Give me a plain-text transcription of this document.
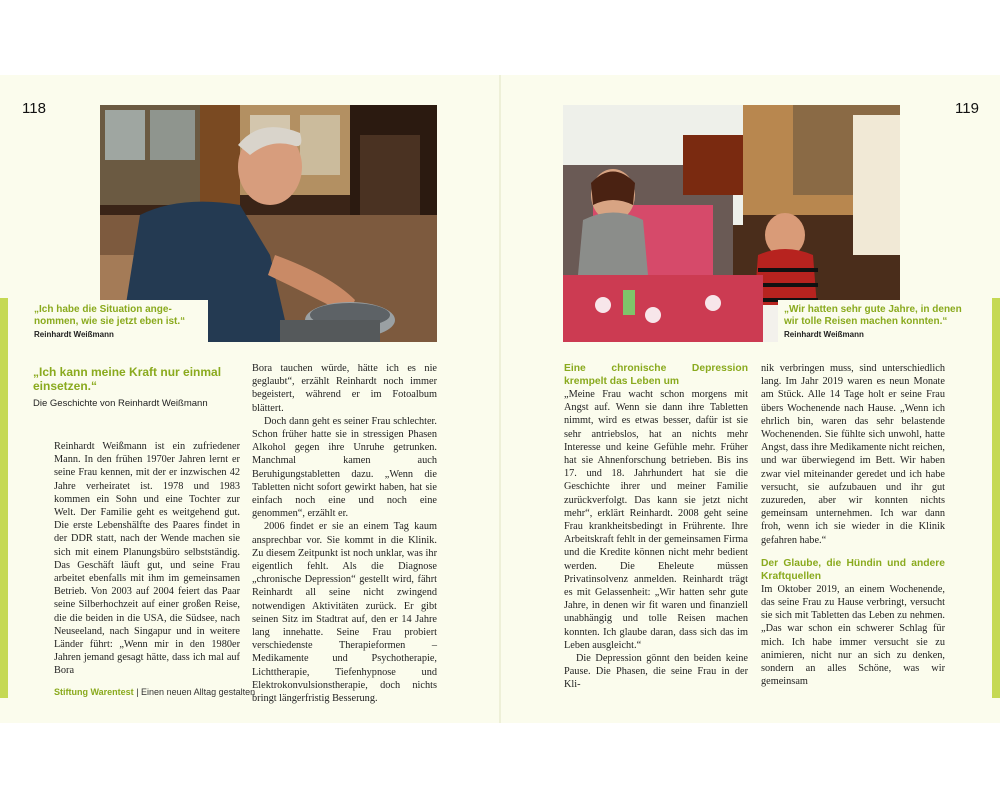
118
„Ich habe die Situation ange-nommen, wie sie jetzt eben ist.“
Reinhardt Weißmann
„Ich kann meine Kraft nur einmal einsetzen.“
Die Geschichte von Reinhardt Weißmann

Reinhardt Weißmann ist ein zufriedener Mann. In den frühen 1970er Jahren lernt er seine Frau kennen, mit der er inzwischen 42 Jahre verheiratet ist. 1978 und 1983 kommen ein Sohn und eine Tochter zur Welt. Der Familie geht es weitgehend gut. Die erste Lebenshälfte des Paares findet in der DDR statt, nach der Wende machen sie sich mit einem Planungsbüro selbstständig. Das Geschäft läuft gut, und seine Frau arbeitet ebenfalls mit ihm im gemeinsamen Betrieb. Von 2003 auf 2004 feiert das Paar seine Silberhochzeit auf einer großen Reise, die die beiden in die USA, die Südsee, nach Neuseeland, nach Singapur und in weitere Länder führt: „Wenn mir in den 1980er Jahren jemand gesagt hätte, dass ich mal auf Bora

Bora tauchen würde, hätte ich es nie geglaubt“, erzählt Reinhardt noch immer begeistert, während er im Fotoalbum blättert.

Doch dann geht es seiner Frau schlechter. Schon früher hatte sie in stressigen Phasen Alkohol gegen ihre Unruhe getrunken. Manchmal kamen auch Beruhigungstabletten dazu. „Wenn die Tabletten nicht sofort gewirkt haben, hat sie einfach noch eine und noch eine genommen“, erzählt er.

2006 findet er sie an einem Tag kaum ansprechbar vor. Sie kommt in die Klinik. Zu diesem Zeitpunkt ist noch unklar, was ihr eigentlich fehlt. Als die Diagnose „chronische Depression“ gestellt wird, fährt Reinhardt all seine nicht zwingend notwendigen Aktivitäten zurück. Er gibt seinen Sitz im Stadtrat auf, den er 14 Jahre lang innehatte. Seine Frau probiert verschiedenste Therapieformen – Medikamente und Psychotherapie, Lichttherapie, Tiefenhypnose und Elektrokonvulsionstherapie, doch nichts bringt längerfristig Besserung.

Stiftung Warentest | Einen neuen Alltag gestalten
119
„Wir hatten sehr gute Jahre, in denen wir tolle Reisen machen konnten.“
Reinhardt Weißmann
Eine chronische Depression krempelt das Leben um

„Meine Frau wacht schon morgens mit Angst auf. Wenn sie dann ihre Tabletten nimmt, wird es etwas besser, dafür ist sie sehr antriebslos, hat an nichts mehr Interesse und keine Gefühle mehr. Früher hat sie Ahnenforschung betrieben. Bis ins 17. und 18. Jahrhundert hat sie die Geschichte ihrer und meiner Familie zurückverfolgt. Das kann sie jetzt nicht mehr“, erklärt Reinhardt. 2008 geht seine Frau krankheitsbedingt in Frührente. Ihre Arbeitskraft fehlt in der gemeinsamen Firma und die Kredite können nicht mehr bedient werden. Die Eheleute müssen Privatinsolvenz anmelden. Reinhardt trägt es mit Gelassenheit: „Wir hatten sehr gute Jahre, in denen wir fit waren und finanziell unabhängig und tolle Reisen machen konnten. Ich glaube daran, dass sich das im Leben ausgleicht.“

Die Depression gönnt den beiden keine Pause. Die Phasen, die seine Frau in der Kli-

nik verbringen muss, sind unterschiedlich lang. Im Jahr 2019 waren es neun Monate am Stück. Alle 14 Tage holt er seine Frau übers Wochenende nach Hause. „Wenn ich ehrlich bin, waren das sehr belastende Wochenenden. Sie fühlte sich unwohl, hatte Angst, dass ihre Medikamente nicht reichen, und war überwiegend im Bett. Wir haben zwar viel miteinander geredet und ich habe versucht, sie aufzubauen und ihr gut zuzureden, aber wir konnten nichts gemeinsam unternehmen. Ich war dann froh, wenn ich sie wieder in die Klinik gefahren habe.“

Der Glaube, die Hündin und andere Kraftquellen

Im Oktober 2019, an einem Wochenende, das seine Frau zu Hause verbringt, versucht sie sich mit Tabletten das Leben zu nehmen. „Das war schon ein schwerer Schlag für mich. Ich habe immer versucht sie zu animieren, nicht nur an sich zu denken, sondern an alles Schöne, was wir gemeinsam
